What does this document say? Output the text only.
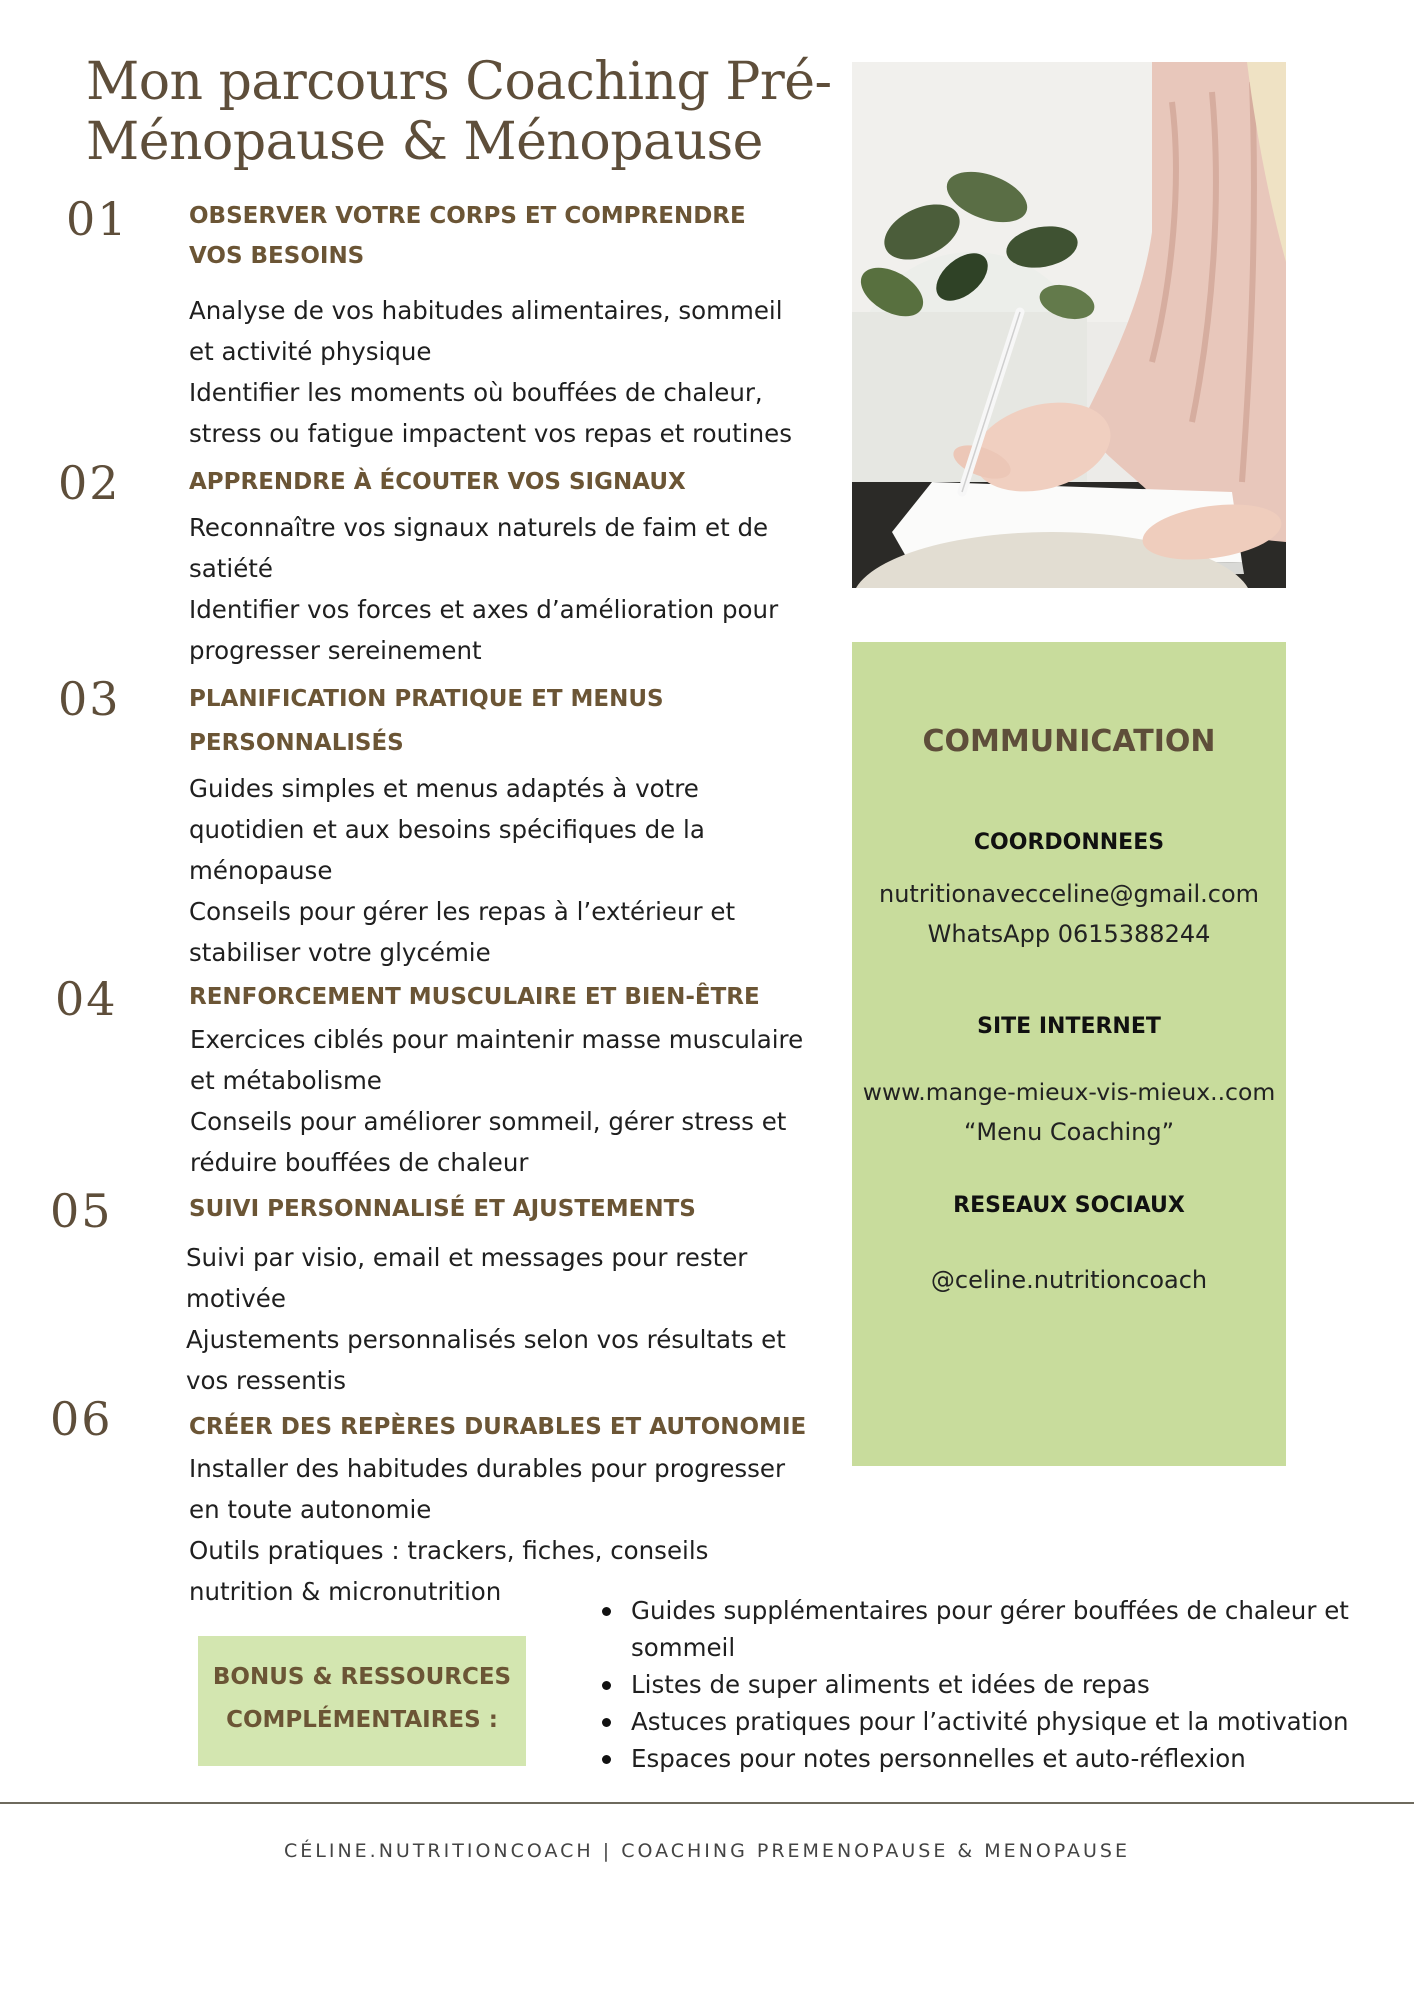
Mon parcours Coaching Pré-
Ménopause & Ménopause
01	OBSERVER VOTRE CORPS ET COMPRENDRE
VOS BESOINS
Analyse de vos habitudes alimentaires, sommeil
et activité physique
Identifier les moments où bouffées de chaleur,
stress ou fatigue impactent vos repas et routines
02	APPRENDRE À ÉCOUTER VOS SIGNAUX
Reconnaître vos signaux naturels de faim et de
satiété
Identifier vos forces et axes d’amélioration pour
progresser sereinement
03	PLANIFICATION PRATIQUE ET MENUS
PERSONNALISÉS
Guides simples et menus adaptés à votre
quotidien et aux besoins spécifiques de la
ménopause
Conseils pour gérer les repas à l’extérieur et
stabiliser votre glycémie
04	RENFORCEMENT MUSCULAIRE ET BIEN-ÊTRE
Exercices ciblés pour maintenir masse musculaire
et métabolisme
Conseils pour améliorer sommeil, gérer stress et
réduire bouffées de chaleur
05	SUIVI PERSONNALISÉ ET AJUSTEMENTS
Suivi par visio, email et messages pour rester
motivée
Ajustements personnalisés selon vos résultats et
vos ressentis
06	CRÉER DES REPÈRES DURABLES ET AUTONOMIE
Installer des habitudes durables pour progresser
en toute autonomie
Outils pratiques : trackers, fiches, conseils
nutrition & micronutrition
COMMUNICATION
COORDONNEES
nutritionavecceline@gmail.com
WhatsApp 0615388244
SITE INTERNET
www.mange-mieux-vis-mieux..com
“Menu Coaching”
RESEAUX SOCIAUX
@celine.nutritioncoach
BONUS & RESSOURCES
COMPLÉMENTAIRES :
Guides supplémentaires pour gérer bouffées de chaleur et
sommeil
Listes de super aliments et idées de repas
Astuces pratiques pour l’activité physique et la motivation
Espaces pour notes personnelles et auto-réflexion
CÉLINE.NUTRITIONCOACH | COACHING PREMENOPAUSE & MENOPAUSE
